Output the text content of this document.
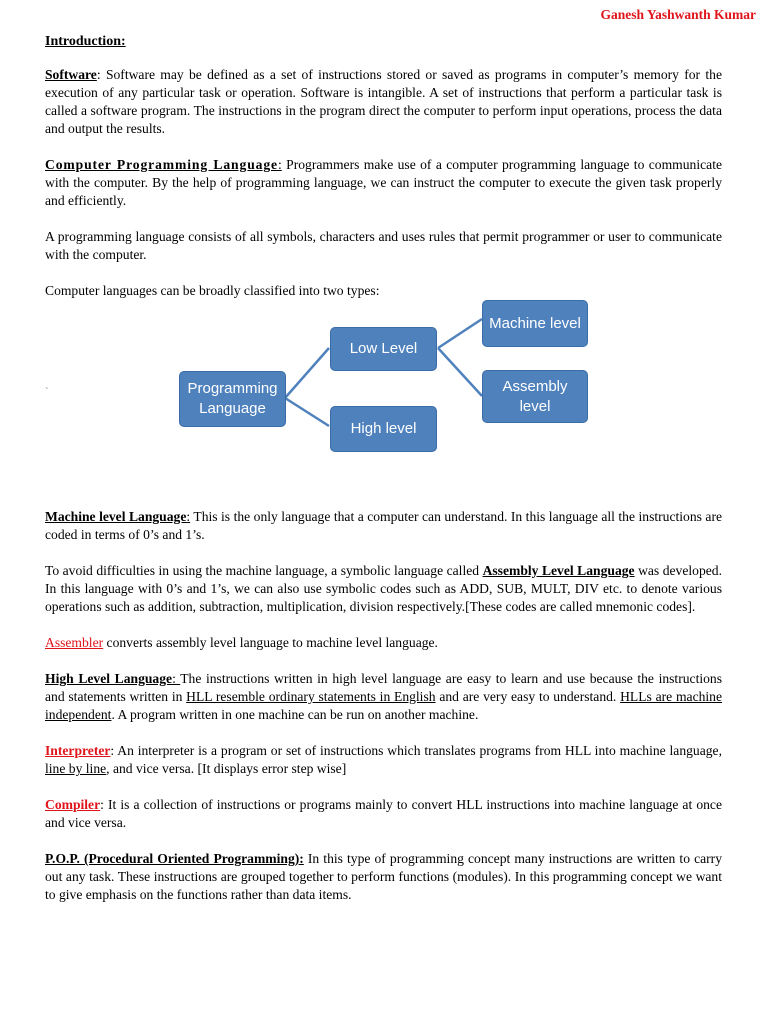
Ganesh Yashwanth Kumar
Introduction:

Software: Software may be defined as a set of instructions stored or saved as programs in computer’s memory for the execution of any particular task or operation. Software is intangible. A set of instructions that perform a particular task is called a software program. The instructions in the program direct the computer to perform input operations, process the data and output the results.

Computer Programming Language: Programmers make use of a computer programming language to communicate with the computer. By the help of programming language, we can instruct the computer to execute the given task properly and efficiently.

A programming language consists of all symbols, characters and uses rules that permit programmer or user to communicate with the computer.

Computer languages can be broadly classified into two types:

`	Programming Language
Low Level
High level
Machine level
Assembly level

Machine level Language: This is the only language that a computer can understand. In this language all the instructions are coded in terms of 0’s and 1’s.

To avoid difficulties in using the machine language, a symbolic language called Assembly Level Language was developed. In this language with 0’s and 1’s, we can also use symbolic codes such as ADD, SUB, MULT, DIV etc. to denote various operations such as addition, subtraction, multiplication, division respectively.[These codes are called mnemonic codes].

Assembler converts assembly level language to machine level language.

High Level Language: The instructions written in high level language are easy to learn and use because the instructions and statements written in HLL resemble ordinary statements in English and are very easy to understand. HLLs are machine independent. A program written in one machine can be run on another machine.

Interpreter: An interpreter is a program or set of instructions which translates programs from HLL into machine language, line by line, and vice versa. [It displays error step wise]

Compiler: It is a collection of instructions or programs mainly to convert HLL instructions into machine language at once and vice versa.

P.O.P. (Procedural Oriented Programming): In this type of programming concept many instructions are written to carry out any task. These instructions are grouped together to perform functions (modules). In this programming concept we want to give emphasis on the functions rather than data items.
